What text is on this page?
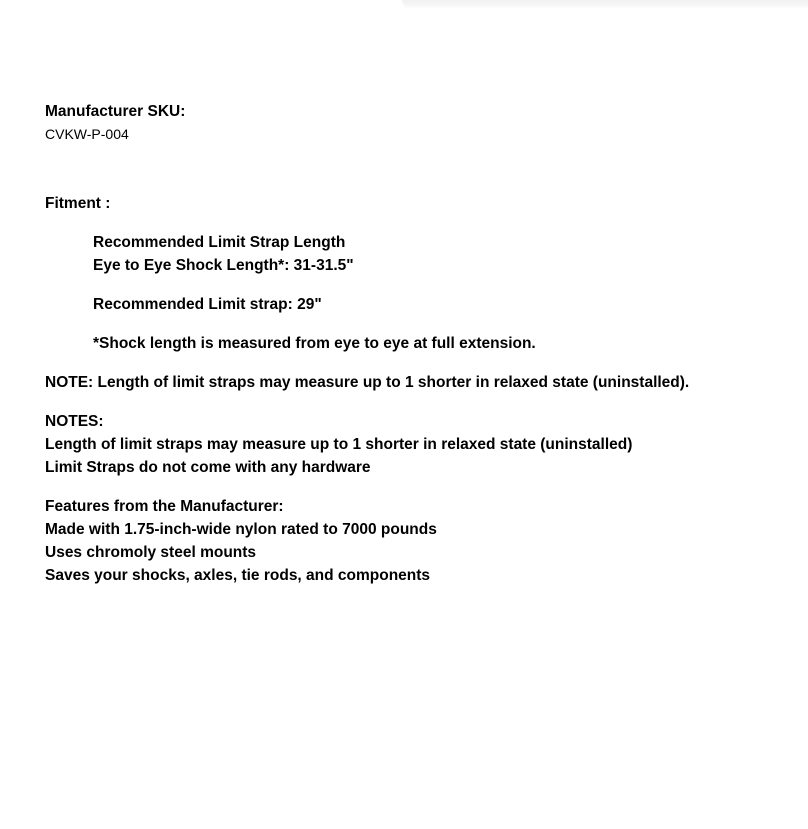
Manufacturer SKU:
CVKW-P-004
Fitment :
Recommended Limit Strap Length
Eye to Eye Shock Length*: 31-31.5"
Recommended Limit strap: 29"
*Shock length is measured from eye to eye at full extension.
NOTE: Length of limit straps may measure up to 1 shorter in relaxed state (uninstalled).
NOTES:
Length of limit straps may measure up to 1 shorter in relaxed state (uninstalled)
Limit Straps do not come with any hardware
Features from the Manufacturer:
Made with 1.75-inch-wide nylon rated to 7000 pounds
Uses chromoly steel mounts
Saves your shocks, axles, tie rods, and components
